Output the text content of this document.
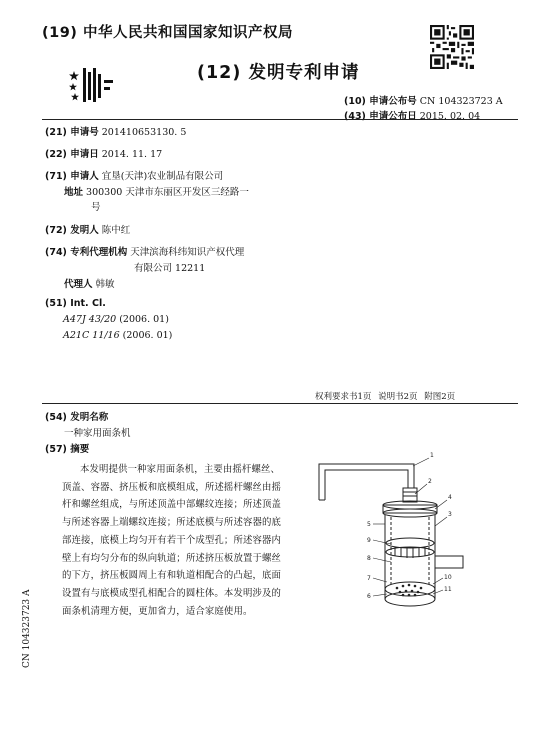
(19) 中华人民共和国国家知识产权局
(12) 发明专利申请
(10) 申请公布号 CN 104323723 A
(43) 申请公布日 2015. 02. 04
(21) 申请号 201410653130. 5
(22) 申请日 2014. 11. 17
(71) 申请人 宜垦(天津)农业制品有限公司
地址 300300 天津市东丽区开发区三经路一
号
(72) 发明人 陈中红
(74) 专利代理机构 天津滨海科纬知识产权代理
有限公司 12211
代理人 韩敏
(51) Int. Cl.
A47J 43/20 (2006. 01)
A21C 11/16 (2006. 01)
权利要求书1页 说明书2页 附图2页
(54) 发明名称
一种家用面条机
(57) 摘要
本发明提供一种家用面条机，主要由摇杆螺丝、顶盖、容器、挤压板和底模组成，所述摇杆螺丝由摇杆和螺丝组成，与所述顶盖中部螺纹连接；所述顶盖与所述容器上端螺纹连接；所述底模与所述容器的底部连接，底模上均匀开有若干个成型孔；所述容器内壁上有均匀分布的纵向轨道；所述挤压板放置于螺丝的下方，挤压板圆周上有和轨道相配合的凸起，底面设置有与底模成型孔相配合的圆柱体。本发明涉及的面条机清理方便，更加省力，适合家庭使用。
1
2
4
3
5
9
8
7
6
10
11
CN 104323723 A
